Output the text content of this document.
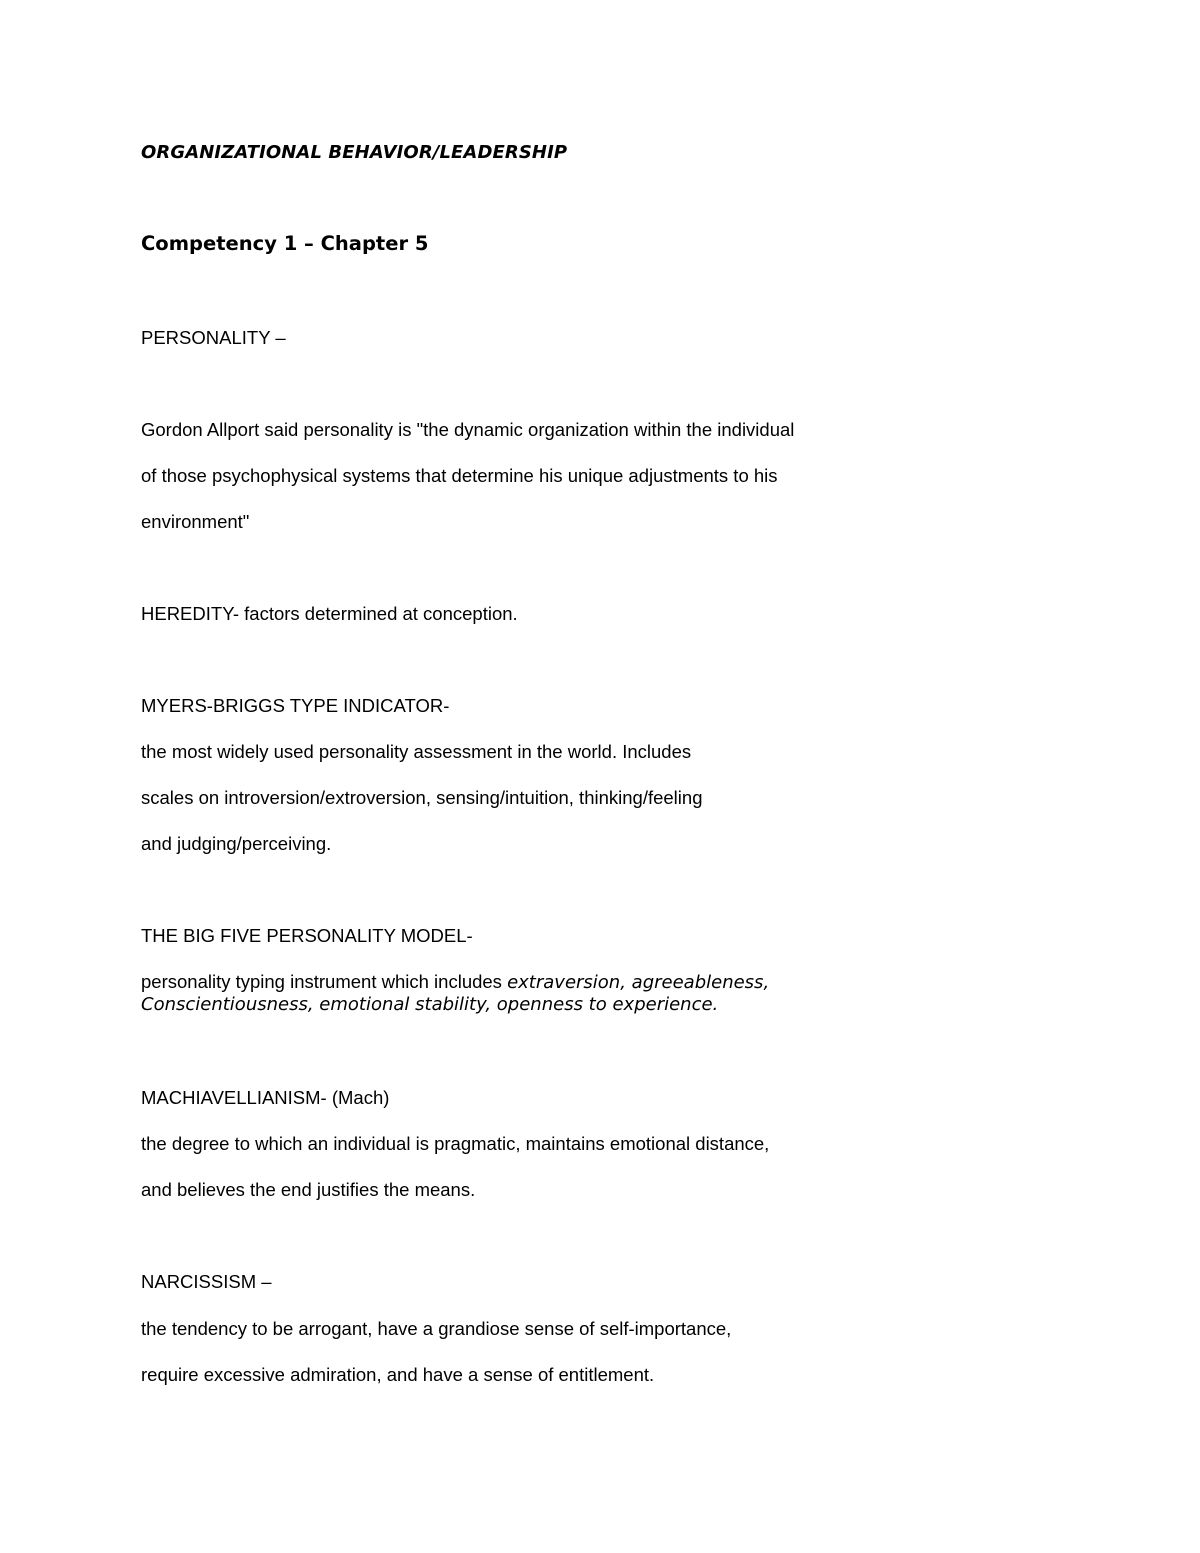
ORGANIZATIONAL BEHAVIOR/LEADERSHIP
Competency 1 – Chapter 5
PERSONALITY –
Gordon Allport said personality is "the dynamic organization within the individual
of those psychophysical systems that determine his unique adjustments to his
environment"
HEREDITY- factors determined at conception.
MYERS-BRIGGS TYPE INDICATOR-
the most widely used personality assessment in the world. Includes
scales on introversion/extroversion, sensing/intuition, thinking/feeling
and judging/perceiving.
THE BIG FIVE PERSONALITY MODEL-
personality typing instrument which includes extraversion, agreeableness,
Conscientiousness, emotional stability, openness to experience.
MACHIAVELLIANISM- (Mach)
the degree to which an individual is pragmatic, maintains emotional distance,
and believes the end justifies the means.
NARCISSISM –
the tendency to be arrogant, have a grandiose sense of self-importance,
require excessive admiration, and have a sense of entitlement.
